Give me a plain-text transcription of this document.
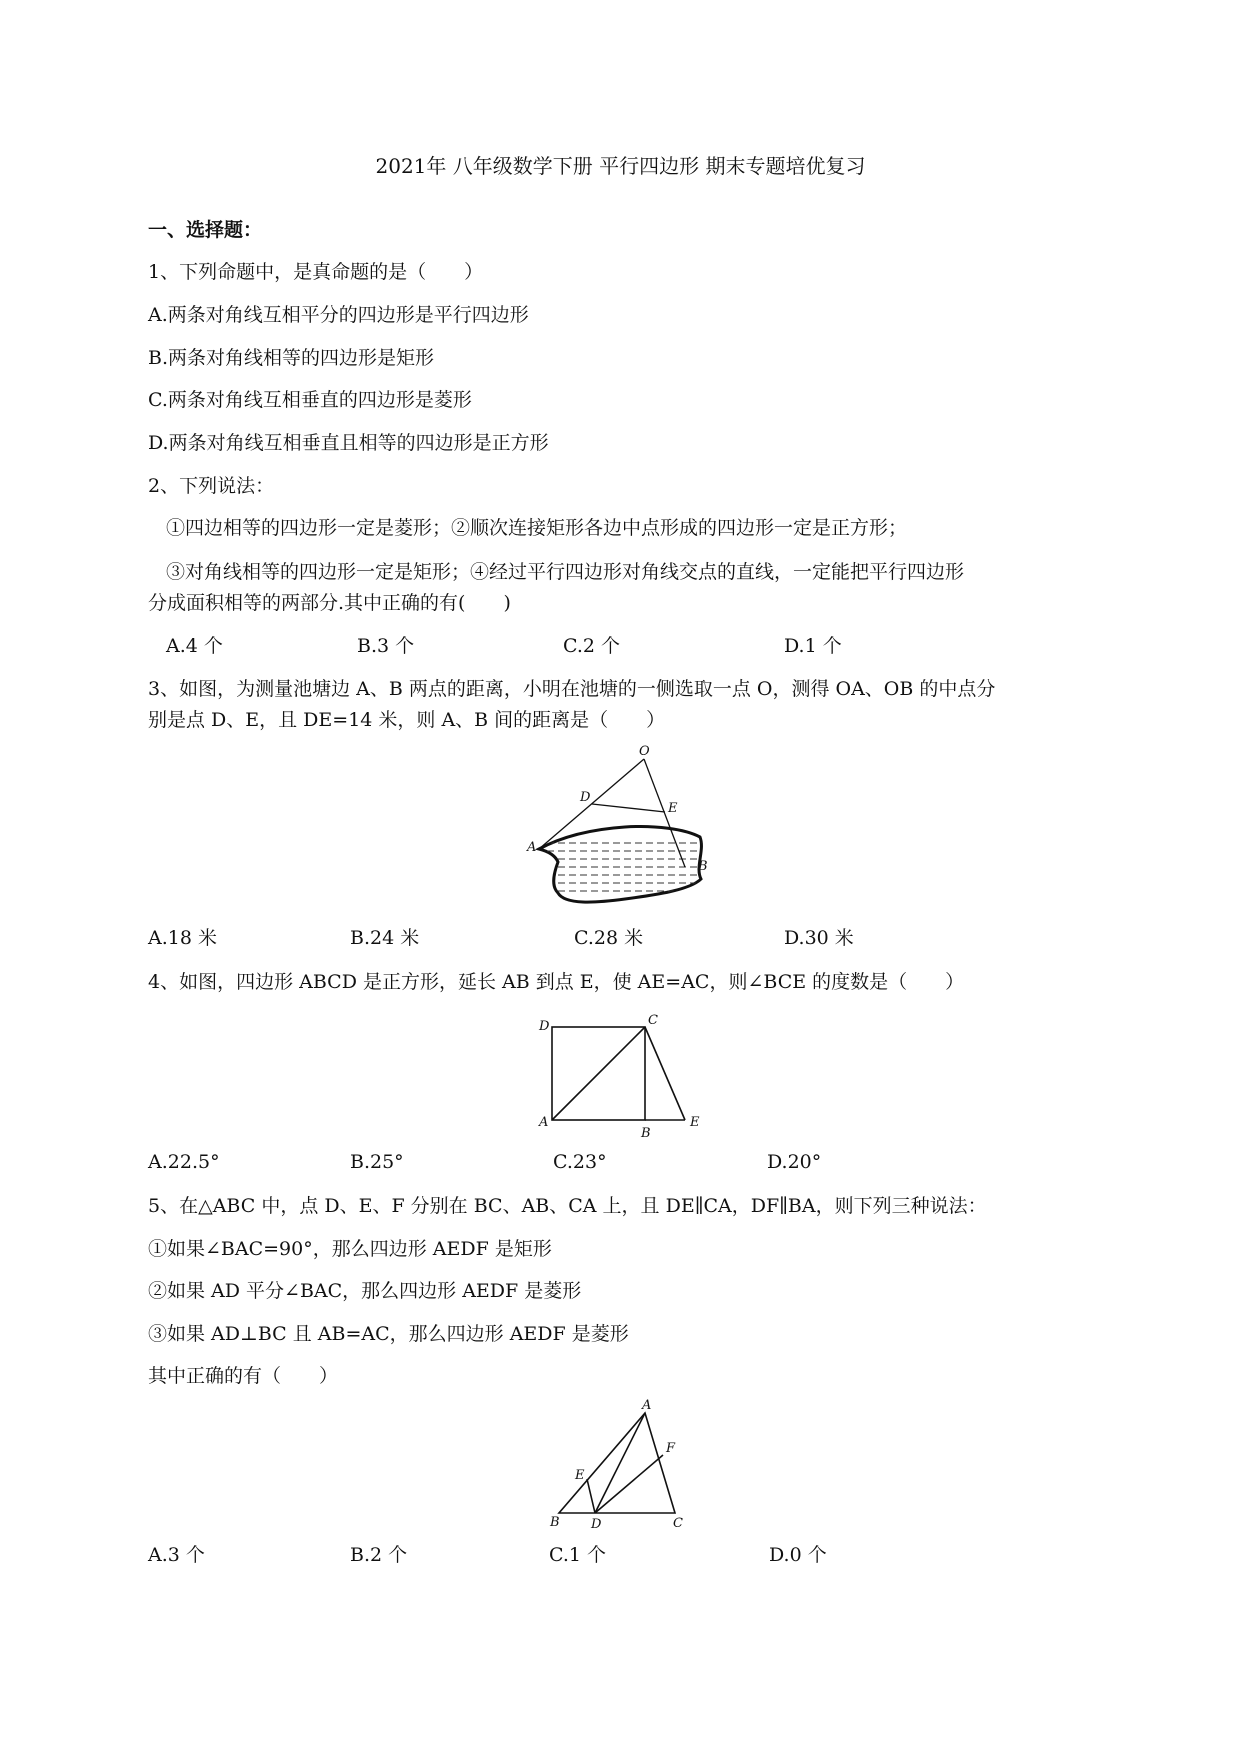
2021年 八年级数学下册 平行四边形 期末专题培优复习
一、选择题：
1、下列命题中，是真命题的是（　　）
A.两条对角线互相平分的四边形是平行四边形
B.两条对角线相等的四边形是矩形
C.两条对角线互相垂直的四边形是菱形
D.两条对角线互相垂直且相等的四边形是正方形
2、下列说法：
①四边相等的四边形一定是菱形；②顺次连接矩形各边中点形成的四边形一定是正方形；
③对角线相等的四边形一定是矩形；④经过平行四边形对角线交点的直线，一定能把平行四边形
分成面积相等的两部分.其中正确的有(　　)
A.4 个	B.3 个	C.2 个	D.1 个
3、如图，为测量池塘边 A、B 两点的距离，小明在池塘的一侧选取一点 O，测得 OA、OB 的中点分
别是点 D、E，且 DE=14 米，则 A、B 间的距离是（　　）
O
D
E
A
B
A.18 米	B.24 米	C.28 米	D.30 米
4、如图，四边形 ABCD 是正方形，延长 AB 到点 E，使 AE=AC，则∠BCE 的度数是（　　）
D	C
A
B
E
A.22.5°	B.25°	C.23°	D.20°
5、在△ABC 中，点 D、E、F 分别在 BC、AB、CA 上，且 DE∥CA，DF∥BA，则下列三种说法：
①如果∠BAC=90°，那么四边形 AEDF 是矩形
②如果 AD 平分∠BAC，那么四边形 AEDF 是菱形
③如果 AD⊥BC 且 AB=AC，那么四边形 AEDF 是菱形
其中正确的有（　　）
A
E
F
B D	C
A.3 个	B.2 个	C.1 个	D.0 个
